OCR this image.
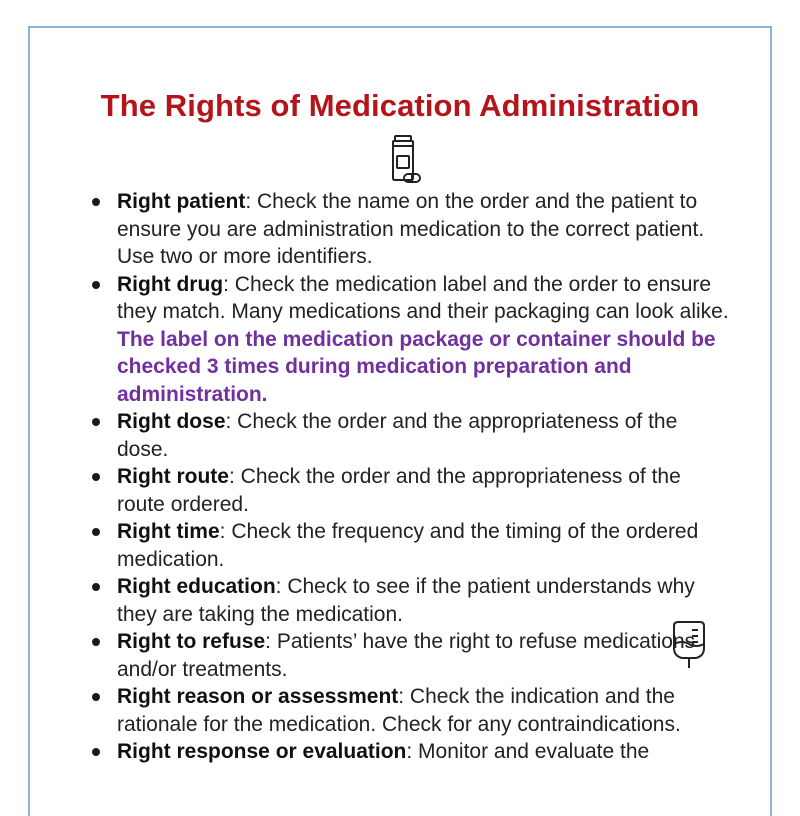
The Rights of Medication Administration
Right patient: Check the name on the order and the patient to ensure you are administration medication to the correct patient. Use two or more identifiers.
Right drug: Check the medication label and the order to ensure they match. Many medications and their packaging can look alike. The label on the medication package or container should be checked 3 times during medication preparation and administration.
Right dose: Check the order and the appropriateness of the dose.
Right route: Check the order and the appropriateness of the route ordered.
Right time: Check the frequency and the timing of the ordered medication.
Right education: Check to see if the patient understands why they are taking the medication.
Right to refuse: Patients’ have the right to refuse medications and/or treatments.
Right reason or assessment: Check the indication and the rationale for the medication. Check for any contraindications.
Right response or evaluation: Monitor and evaluate the
